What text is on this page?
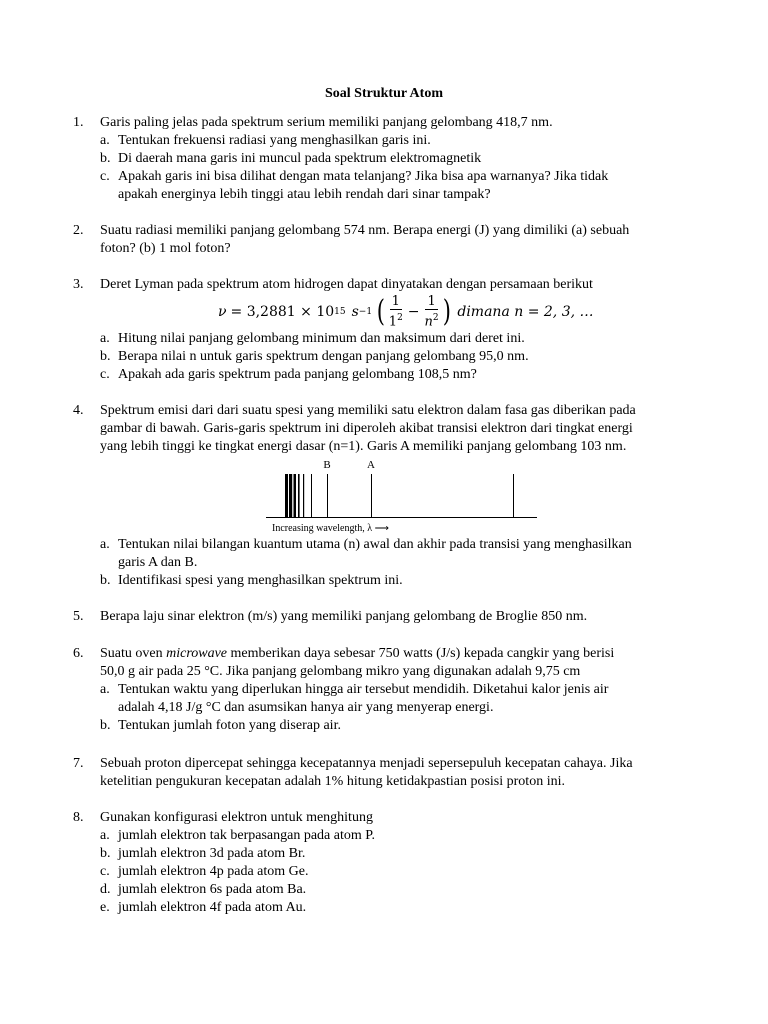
Soal Struktur Atom
1. Garis paling jelas pada spektrum serium memiliki panjang gelombang 418,7 nm.
a. Tentukan frekuensi radiasi yang menghasilkan garis ini.
b. Di daerah mana garis ini muncul pada spektrum elektromagnetik
c. Apakah garis ini bisa dilihat dengan mata telanjang? Jika bisa apa warnanya? Jika tidak
apakah energinya lebih tinggi atau lebih rendah dari sinar tampak?
2. Suatu radiasi memiliki panjang gelombang 574 nm. Berapa energi (J) yang dimiliki (a) sebuah
foton? (b) 1 mol foton?
3. Deret Lyman pada spektrum atom hidrogen dapat dinyatakan dengan persamaan berikut
ν = 3,2881 × 10 15 s −1 ( $\frac{1}{1^2} - \frac{1}{n^2}$ ) dimana n = 2, 3, …
a. Hitung nilai panjang gelombang minimum dan maksimum dari deret ini.
b. Berapa nilai n untuk garis spektrum dengan panjang gelombang 95,0 nm.
c. Apakah ada garis spektrum pada panjang gelombang 108,5 nm?
4. Spektrum emisi dari dari suatu spesi yang memiliki satu elektron dalam fasa gas diberikan pada
gambar di bawah. Garis-garis spektrum ini diperoleh akibat transisi elektron dari tingkat energi
yang lebih tinggi ke tingkat energi dasar (n=1). Garis A memiliki panjang gelombang 103 nm.
B	A
Increasing wavelength, λ ⟶
a. Tentukan nilai bilangan kuantum utama (n) awal dan akhir pada transisi yang menghasilkan
garis A dan B.
b. Identifikasi spesi yang menghasilkan spektrum ini.
5. Berapa laju sinar elektron (m/s) yang memiliki panjang gelombang de Broglie 850 nm.
6. Suatu oven microwave memberikan daya sebesar 750 watts (J/s) kepada cangkir yang berisi
50,0 g air pada 25 °C. Jika panjang gelombang mikro yang digunakan adalah 9,75 cm
a. Tentukan waktu yang diperlukan hingga air tersebut mendidih. Diketahui kalor jenis air
adalah 4,18 J/g °C dan asumsikan hanya air yang menyerap energi.
b. Tentukan jumlah foton yang diserap air.
7. Sebuah proton dipercepat sehingga kecepatannya menjadi sepersepuluh kecepatan cahaya. Jika
ketelitian pengukuran kecepatan adalah 1% hitung ketidakpastian posisi proton ini.
8. Gunakan konfigurasi elektron untuk menghitung
a. jumlah elektron tak berpasangan pada atom P.
b. jumlah elektron 3d pada atom Br.
c. jumlah elektron 4p pada atom Ge.
d. jumlah elektron 6s pada atom Ba.
e. jumlah elektron 4f pada atom Au.
